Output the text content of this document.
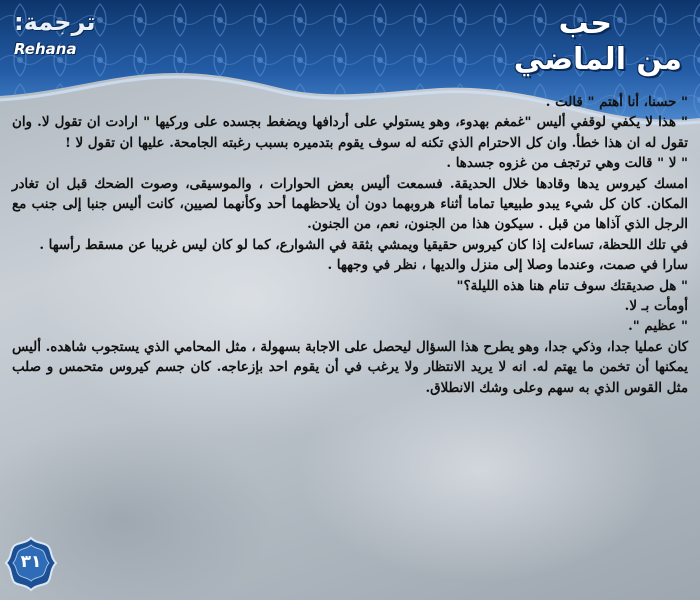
حب
من الماضي
ترجمة:
Rehana

" حسنا، أنا أهتم " قالت .

" هذا لا يكفي لوقفي أليس "غمغم بهدوء، وهو يستولي على أردافها ويضغط بجسده على وركيها " ارادت ان تقول لا. وان تقول له ان هذا خطأ. وان كل الاحترام الذي تكنه له سوف يقوم بتدميره بسبب رغبته الجامحة. عليها ان تقول لا !

" لا " قالت وهي ترتجف من غزوه جسدها .

امسك كيروس يدها وقادها خلال الحديقة. فسمعت أليس بعض الحوارات ، والموسيقى، وصوت الضحك قبل ان تغادر المكان. كان كل شيء يبدو طبيعيا تماما أثناء هروبهما دون أن يلاحظهما أحد وكأنهما لصيين، كانت أليس جنبا إلى جنب مع الرجل الذي آذاها من قبل . سيكون هذا من الجنون، نعم، من الجنون.

في تلك اللحظة، تساءلت إذا كان كيروس حقيقيا ويمشي بثقة في الشوارع، كما لو كان ليس غريبا عن مسقط رأسها .

سارا في صمت، وعندما وصلا إلى منزل والديها ، نظر في وجهها .

" هل صديقتك سوف تنام هنا هذه الليلة؟"

أومأت بـ لا.

" عظيم ".

كان عمليا جدا، وذكي جدا، وهو يطرح هذا السؤال ليحصل على الاجابة بسهولة ، مثل المحامي الذي يستجوب شاهده. أليس يمكنها أن تخمن ما يهتم له. انه لا يريد الانتظار ولا يرغب في أن يقوم احد بإزعاجه. كان جسم كيروس متحمس و صلب مثل القوس الذي به سهم وعلى وشك الانطلاق.

٣١
